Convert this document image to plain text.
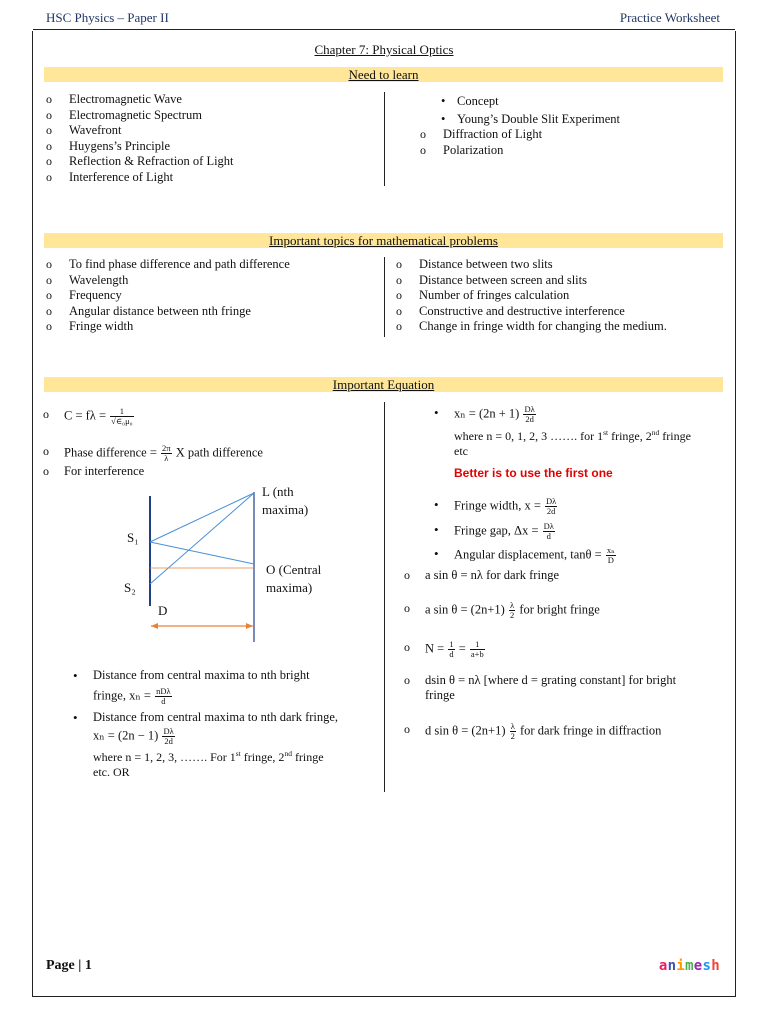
HSC Physics – Paper II	Practice Worksheet
Chapter 7: Physical Optics
Need to learn
o Electromagnetic Wave
o Electromagnetic Spectrum
o Wavefront
o Huygens’s Principle
o Reflection & Refraction of Light
o Interference of Light
• Concept
• Young’s Double Slit Experiment
o Diffraction of Light
o Polarization
Important topics for mathematical problems
o To find phase difference and path difference
o Wavelength
o Frequency
o Angular distance between nth fringe
o Fringe width
o Distance between two slits
o Distance between screen and slits
o Number of fringes calculation
o Constructive and destructive interference
o Change in fringe width for changing the medium.
Important Equation
o $C = f\lambda = \frac{1}{\text{√∈₀μ₀}}$
o Phase difference = $\frac{2\pi}{\lambda}$ X path difference
o For interference
L (nth
maxima)
S₁
S₂
O (Central
maxima)
D
• Distance from central maxima to nth bright
fringe, $x_n = \frac{\text{nDλ}}{d}$
• Distance from central maxima to nth dark fringe,
$x_n = (2n - 1) \frac{D\lambda}{2d}$
where n = 1, 2, 3, ……. For 1st fringe, 2nd fringe
etc. OR
• $x_n = (2n + 1) \frac{D\lambda}{2d}$
where n = 0, 1, 2, 3 ……. for 1st fringe, 2nd fringe
etc
Better is to use the first one
• Fringe width, $x = \frac{D\lambda}{2d}$
• Fringe gap, $\Delta x = \frac{D\lambda}{d}$
• Angular displacement, $\tan\theta = \frac{\text{xₙ}}{D}$
o a sin θ = nλ for dark fringe
o a $\sin \theta = (2n+1) \frac{\lambda}{2}$ for bright fringe
o $N = \frac{1}{d} = \frac{1}{a+b}$
o dsin θ = nλ [where d = grating constant] for bright
fringe
o d $\sin \theta = (2n+1) \frac{\lambda}{2}$ for dark fringe in diffraction
Page | 1	animesh
